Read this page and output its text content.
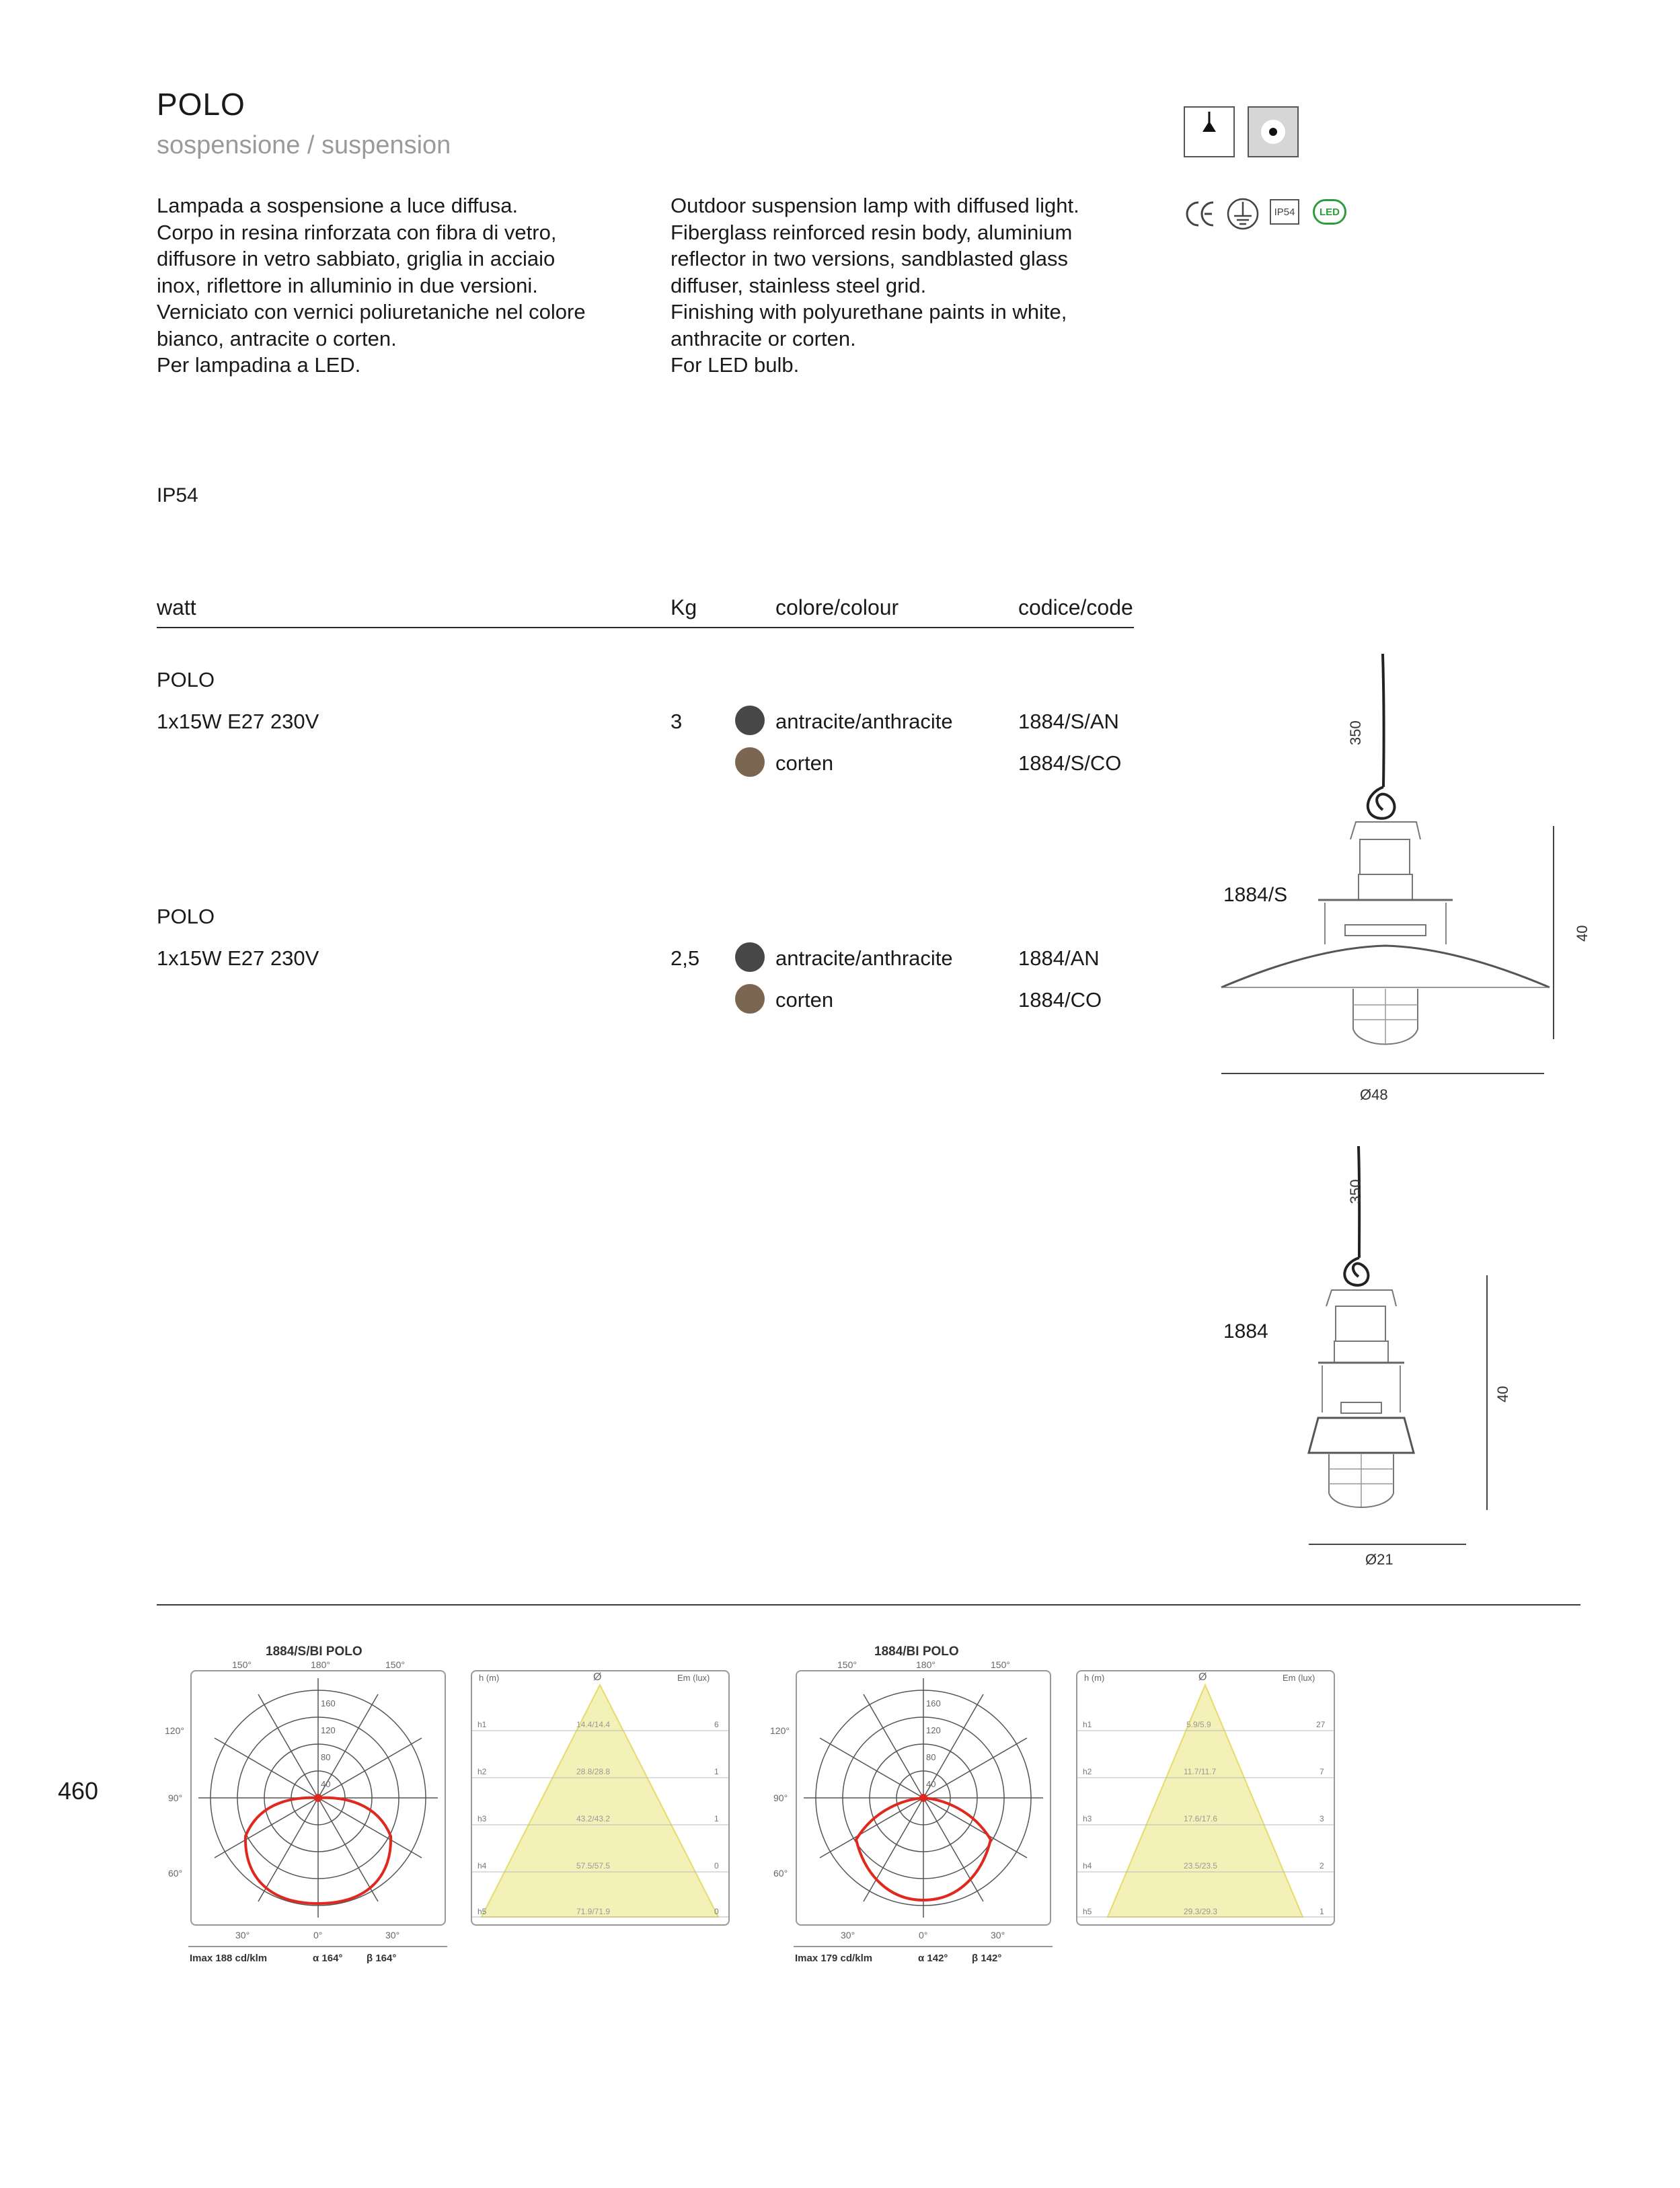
POLO
sospensione / suspension
IP54	LED
Lampada a sospensione a luce diffusa.
Corpo in resina rinforzata con fibra di vetro,
diffusore in vetro sabbiato, griglia in acciaio
inox, riflettore in alluminio in due versioni.
Verniciato con vernici poliuretaniche nel colore
bianco, antracite o corten.
Per lampadina a LED.
Outdoor suspension lamp with diffused light.
Fiberglass reinforced resin body, aluminium
reflector in two versions, sandblasted glass
diffuser, stainless steel grid.
Finishing with polyurethane paints in white,
anthracite or corten.
For LED bulb.
IP54
watt	Kg	colore/colour	codice/code
POLO
1x15W E27 230V	3	antracite/anthracite	1884/S/AN
corten	1884/S/CO
POLO
1x15W E27 230V	2,5	antracite/anthracite	1884/AN
corten	1884/CO
350
40
Ø48
1884/S
350
40
Ø21
1884
1884/S/BI POLO
160
120
80
40
150°	180°	150°
120°
90°
60°
30°	0°	30°
Imax 188 cd/klm	α 164° β 164°
h (m)	Ø	Em (lux)
h1	14.4/14.4	6
h2	28.8/28.8	1
h3	43.2/43.2	1
h4	57.5/57.5	0
h5	71.9/71.9	0
1884/BI POLO
160
120
80
40
150°	180°	150°
120°
90°
60°
30°	0°	30°
Imax 179 cd/klm	α 142° β 142°
h (m)	Ø	Em (lux)
h1	5.9/5.9	27
h2	11.7/11.7	7
h3	17.6/17.6	3
h4	23.5/23.5	2
h5	29.3/29.3	1
460
